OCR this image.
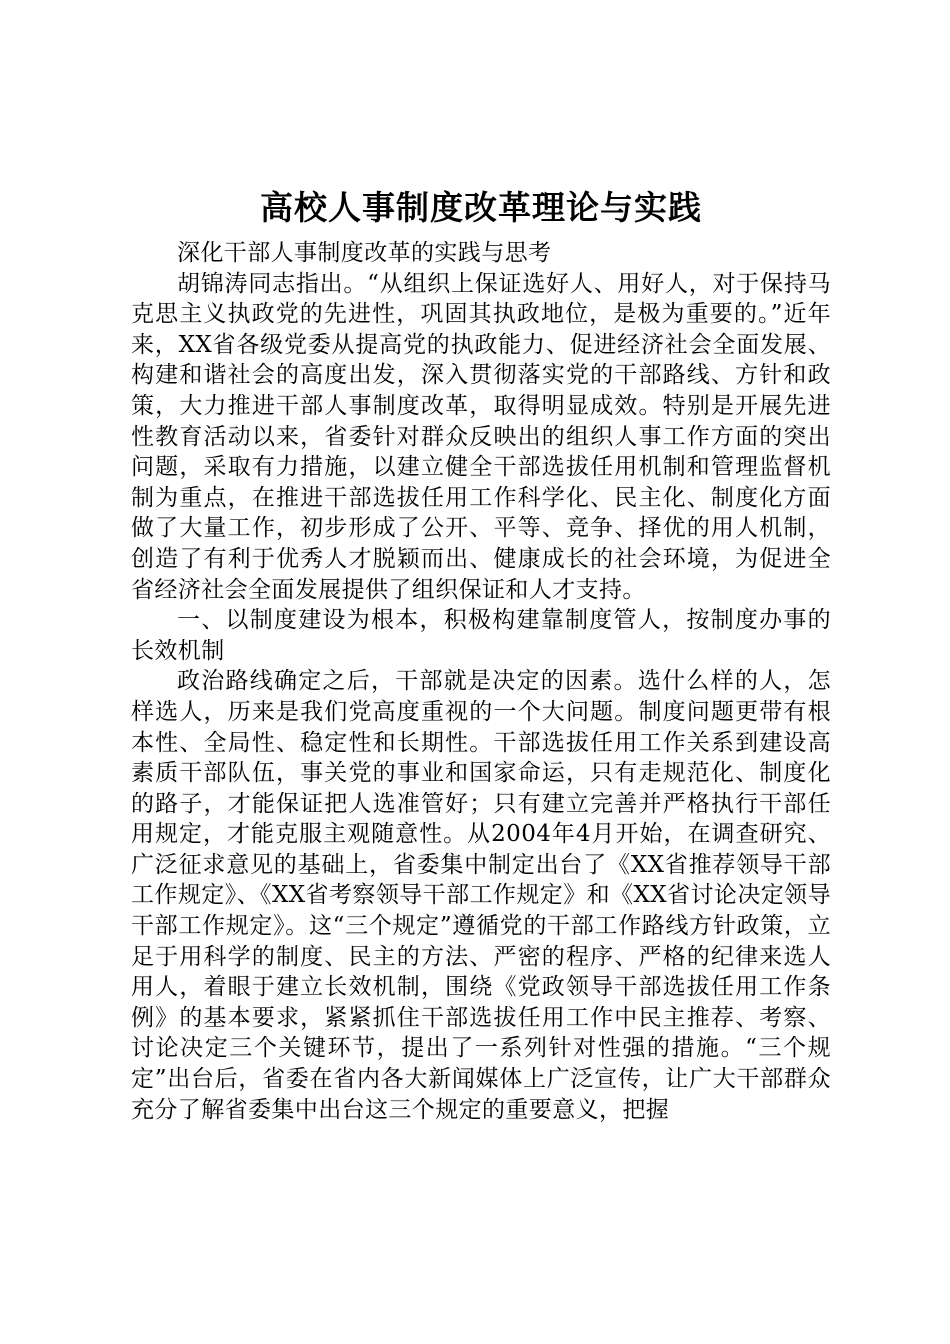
高校人事制度改革理论与实践

深化干部人事制度改革的实践与思考

胡锦涛同志指出。“从组织上保证选好人、用好人，对于保持马克思主义执政党的先进性，巩固其执政地位，是极为重要的。”近年来，XX省各级党委从提高党的执政能力、促进经济社会全面发展、构建和谐社会的高度出发，深入贯彻落实党的干部路线、方针和政策，大力推进干部人事制度改革，取得明显成效。特别是开展先进性教育活动以来，省委针对群众反映出的组织人事工作方面的突出问题，采取有力措施，以建立健全干部选拔任用机制和管理监督机制为重点，在推进干部选拔任用工作科学化、民主化、制度化方面做了大量工作，初步形成了公开、平等、竞争、择优的用人机制，创造了有利于优秀人才脱颖而出、健康成长的社会环境，为促进全省经济社会全面发展提供了组织保证和人才支持。

一、以制度建设为根本，积极构建靠制度管人，按制度办事的长效机制

政治路线确定之后，干部就是决定的因素。选什么样的人，怎样选人，历来是我们党高度重视的一个大问题。制度问题更带有根本性、全局性、稳定性和长期性。干部选拔任用工作关系到建设高素质干部队伍，事关党的事业和国家命运，只有走规范化、制度化的路子，才能保证把人选准管好；只有建立完善并严格执行干部任用规定，才能克服主观随意性。从2004年4月开始，在调查研究、广泛征求意见的基础上，省委集中制定出台了《XX省推荐领导干部工作规定》、《XX省考察领导干部工作规定》和《XX省讨论决定领导干部工作规定》。这“三个规定”遵循党的干部工作路线方针政策，立足于用科学的制度、民主的方法、严密的程序、严格的纪律来选人用人，着眼于建立长效机制，围绕《党政领导干部选拔任用工作条例》的基本要求，紧紧抓住干部选拔任用工作中民主推荐、考察、讨论决定三个关键环节，提出了一系列针对性强的措施。“三个规定”出台后，省委在省内各大新闻媒体上广泛宣传，让广大干部群众充分了解省委集中出台这三个规定的重要意义，把握
